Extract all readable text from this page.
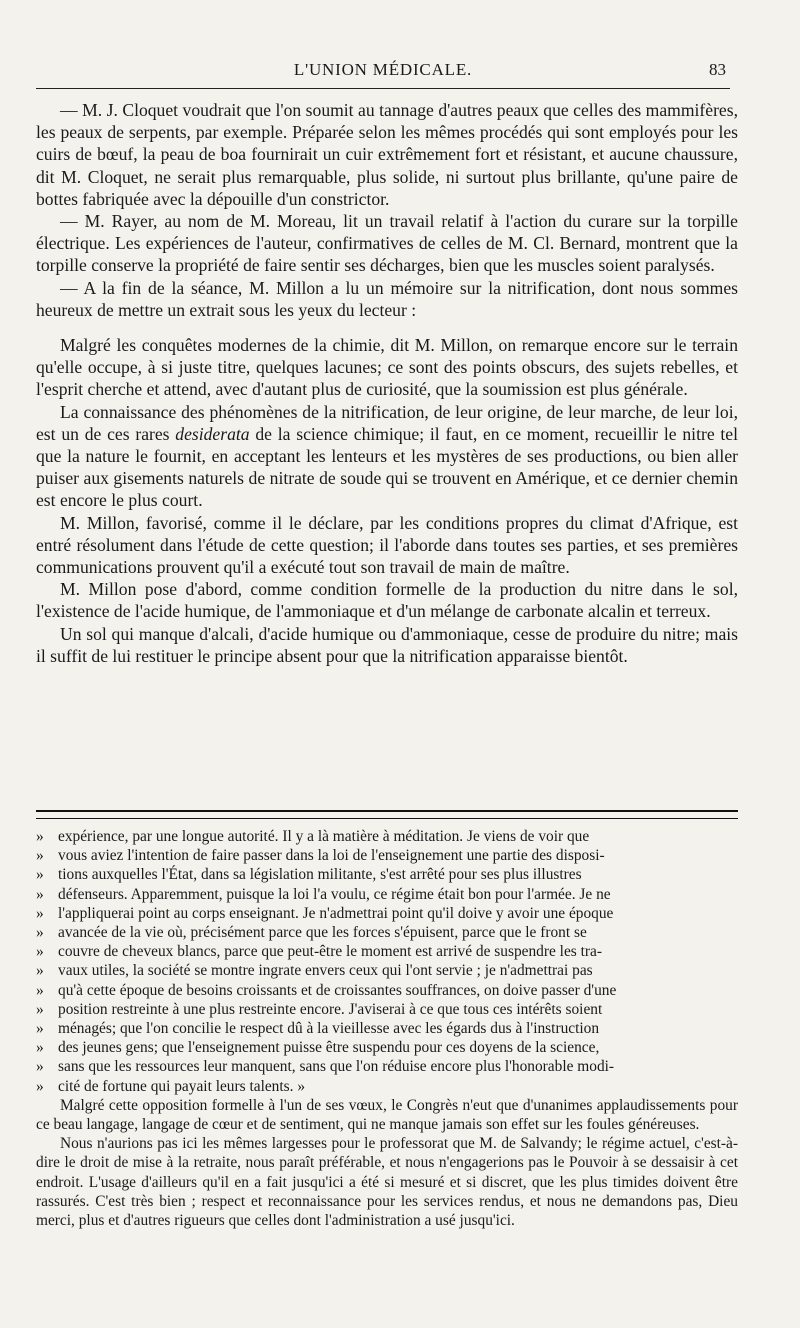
L'UNION MÉDICALE.	83

— M. J. Cloquet voudrait que l'on soumit au tannage d'autres peaux que celles des mammifères, les peaux de serpents, par exemple. Préparée selon les mêmes procédés qui sont employés pour les cuirs de bœuf, la peau de boa fournirait un cuir extrêmement fort et résistant, et aucune chaussure, dit M. Cloquet, ne serait plus remarquable, plus solide, ni surtout plus brillante, qu'une paire de bottes fabriquée avec la dépouille d'un constrictor.

— M. Rayer, au nom de M. Moreau, lit un travail relatif à l'action du curare sur la torpille électrique. Les expériences de l'auteur, confirmatives de celles de M. Cl. Bernard, montrent que la torpille conserve la propriété de faire sentir ses décharges, bien que les muscles soient paralysés.

— A la fin de la séance, M. Millon a lu un mémoire sur la nitrification, dont nous sommes heureux de mettre un extrait sous les yeux du lecteur :

Malgré les conquêtes modernes de la chimie, dit M. Millon, on remarque encore sur le terrain qu'elle occupe, à si juste titre, quelques lacunes; ce sont des points obscurs, des sujets rebelles, et l'esprit cherche et attend, avec d'autant plus de curiosité, que la soumission est plus générale.

La connaissance des phénomènes de la nitrification, de leur origine, de leur marche, de leur loi, est un de ces rares desiderata de la science chimique; il faut, en ce moment, recueillir le nitre tel que la nature le fournit, en acceptant les lenteurs et les mystères de ses productions, ou bien aller puiser aux gisements naturels de nitrate de soude qui se trouvent en Amérique, et ce dernier chemin est encore le plus court.

M. Millon, favorisé, comme il le déclare, par les conditions propres du climat d'Afrique, est entré résolument dans l'étude de cette question; il l'aborde dans toutes ses parties, et ses premières communications prouvent qu'il a exécuté tout son travail de main de maître.

M. Millon pose d'abord, comme condition formelle de la production du nitre dans le sol, l'existence de l'acide humique, de l'ammoniaque et d'un mélange de carbonate alcalin et terreux.

Un sol qui manque d'alcali, d'acide humique ou d'ammoniaque, cesse de produire du nitre; mais il suffit de lui restituer le principe absent pour que la nitrification apparaisse bientôt.

» expérience, par une longue autorité. Il y a là matière à méditation. Je viens de voir que

» vous aviez l'intention de faire passer dans la loi de l'enseignement une partie des disposi-

» tions auxquelles l'État, dans sa législation militante, s'est arrêté pour ses plus illustres

» défenseurs. Apparemment, puisque la loi l'a voulu, ce régime était bon pour l'armée. Je ne

» l'appliquerai point au corps enseignant. Je n'admettrai point qu'il doive y avoir une époque

» avancée de la vie où, précisément parce que les forces s'épuisent, parce que le front se

» couvre de cheveux blancs, parce que peut-être le moment est arrivé de suspendre les tra-

» vaux utiles, la société se montre ingrate envers ceux qui l'ont servie ; je n'admettrai pas

» qu'à cette époque de besoins croissants et de croissantes souffrances, on doive passer d'une

» position restreinte à une plus restreinte encore. J'aviserai à ce que tous ces intérêts soient

» ménagés; que l'on concilie le respect dû à la vieillesse avec les égards dus à l'instruction

» des jeunes gens; que l'enseignement puisse être suspendu pour ces doyens de la science,

» sans que les ressources leur manquent, sans que l'on réduise encore plus l'honorable modi-

» cité de fortune qui payait leurs talents. »

Malgré cette opposition formelle à l'un de ses vœux, le Congrès n'eut que d'unanimes applaudissements pour ce beau langage, langage de cœur et de sentiment, qui ne manque jamais son effet sur les foules généreuses.

Nous n'aurions pas ici les mêmes largesses pour le professorat que M. de Salvandy; le régime actuel, c'est-à-dire le droit de mise à la retraite, nous paraît préférable, et nous n'engagerions pas le Pouvoir à se dessaisir à cet endroit. L'usage d'ailleurs qu'il en a fait jusqu'ici a été si mesuré et si discret, que les plus timides doivent être rassurés. C'est très bien ; respect et reconnaissance pour les services rendus, et nous ne demandons pas, Dieu merci, plus et d'autres rigueurs que celles dont l'administration a usé jusqu'ici.
